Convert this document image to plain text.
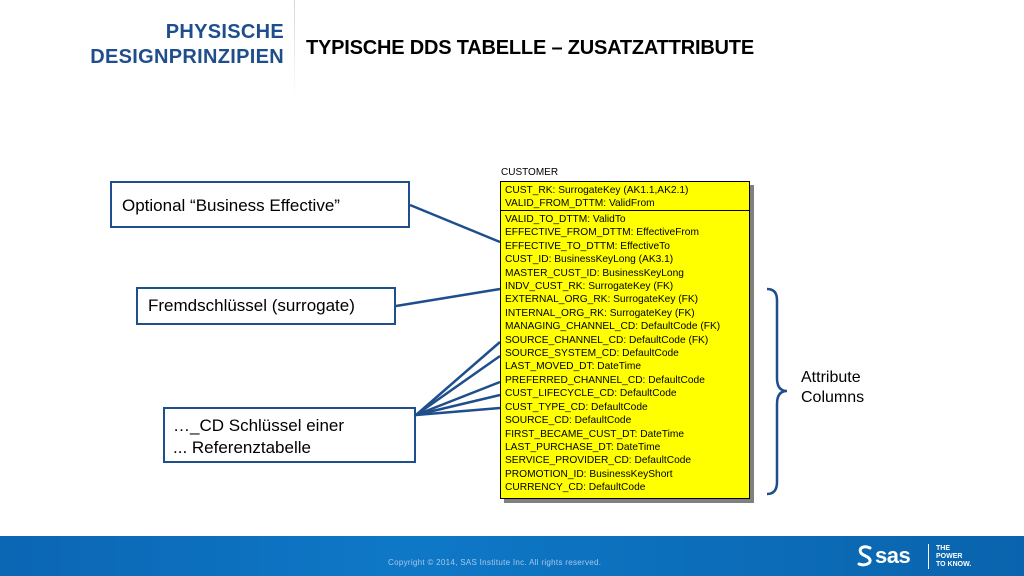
PHYSISCHE
DESIGNPRINZIPIEN TYPISCHE DDS TABELLE – ZUSATZATTRIBUTE
Optional “Business Effective”
Fremdschlüssel (surrogate)
…_CD Schlüssel einer
... Referenztabelle
CUSTOMER
CUST_RK: SurrogateKey (AK1.1,AK2.1)
VALID_FROM_DTTM: ValidFrom
VALID_TO_DTTM: ValidTo
EFFECTIVE_FROM_DTTM: EffectiveFrom
EFFECTIVE_TO_DTTM: EffectiveTo
CUST_ID: BusinessKeyLong (AK3.1)
MASTER_CUST_ID: BusinessKeyLong
INDV_CUST_RK: SurrogateKey (FK)
EXTERNAL_ORG_RK: SurrogateKey (FK)
INTERNAL_ORG_RK: SurrogateKey (FK)
MANAGING_CHANNEL_CD: DefaultCode (FK)
SOURCE_CHANNEL_CD: DefaultCode (FK)
SOURCE_SYSTEM_CD: DefaultCode
LAST_MOVED_DT: DateTime
PREFERRED_CHANNEL_CD: DefaultCode
CUST_LIFECYCLE_CD: DefaultCode
CUST_TYPE_CD: DefaultCode
SOURCE_CD: DefaultCode
FIRST_BECAME_CUST_DT: DateTime
LAST_PURCHASE_DT: DateTime
SERVICE_PROVIDER_CD: DefaultCode
PROMOTION_ID: BusinessKeyShort
CURRENCY_CD: DefaultCode
Attribute
Columns
Copyright © 2014, SAS Institute Inc. All rights reserved.	sas	THE
POWER
TO KNOW.
